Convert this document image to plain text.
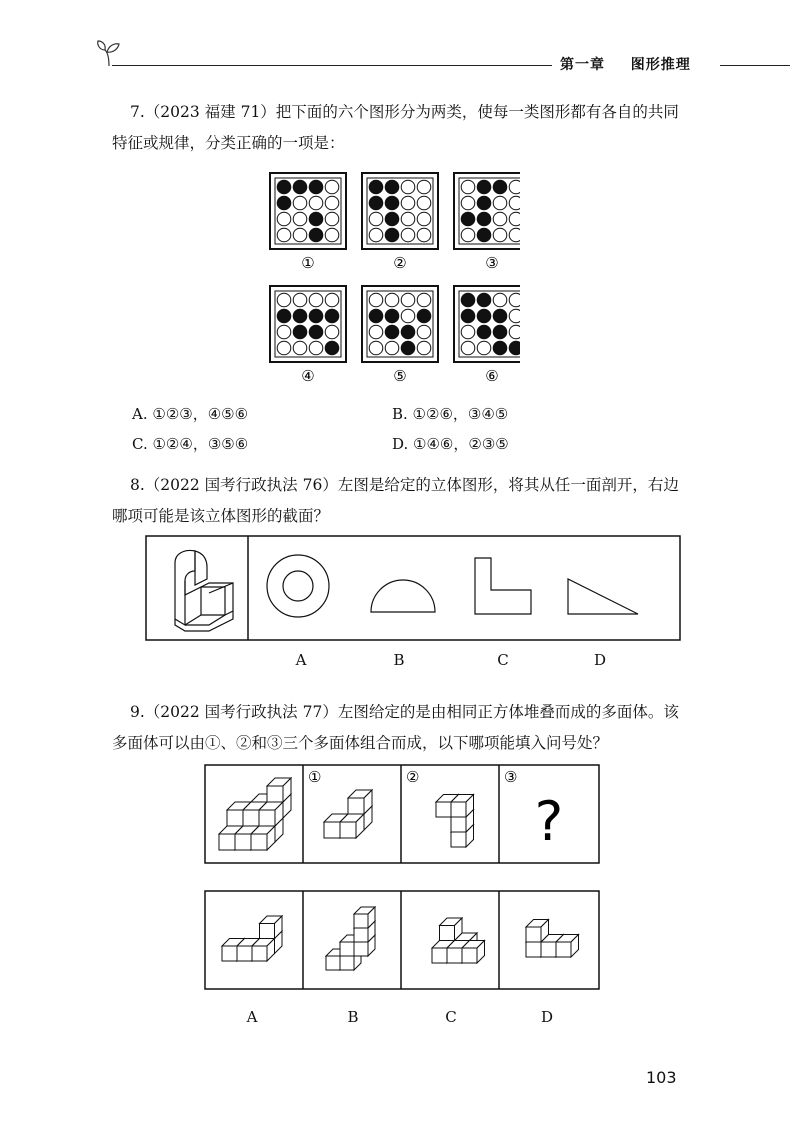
第一章 图形推理
7.（2023 福建 71）把下面的六个图形分为两类，使每一类图形都有各自的共同
特征或规律，分类正确的一项是：
①	②	③
④	⑤	⑥
A. ①②③，④⑤⑥	B. ①②⑥，③④⑤
C. ①②④，③⑤⑥	D. ①④⑥，②③⑤
8.（2022 国考行政执法 76）左图是给定的立体图形，将其从任一面剖开，右边
哪项可能是该立体图形的截面？
A	B	C	D
9.（2022 国考行政执法 77）左图给定的是由相同正方体堆叠而成的多面体。该
多面体可以由①、②和③三个多面体组合而成，以下哪项能填入问号处？
①	②	③
?
A	B	C	D
103
